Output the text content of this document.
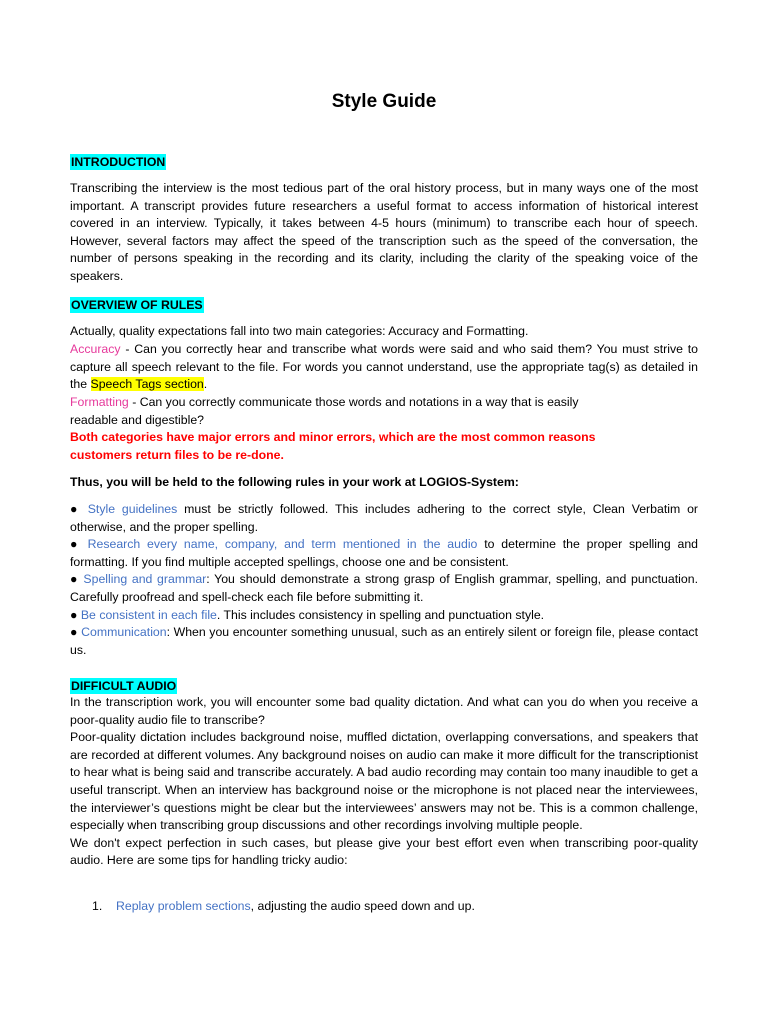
Style Guide
INTRODUCTION
Transcribing the interview is the most tedious part of the oral history process, but in many ways one of the most important. A transcript provides future researchers a useful format to access information of historical interest covered in an interview. Typically, it takes between 4-5 hours (minimum) to transcribe each hour of speech. However, several factors may affect the speed of the transcription such as the speed of the conversation, the number of persons speaking in the recording and its clarity, including the clarity of the speaking voice of the speakers.
OVERVIEW OF RULES
Actually, quality expectations fall into two main categories: Accuracy and Formatting.
Accuracy - Can you correctly hear and transcribe what words were said and who said them? You must strive to capture all speech relevant to the file. For words you cannot understand, use the appropriate tag(s) as detailed in the Speech Tags section.
Formatting - Can you correctly communicate those words and notations in a way that is easily
readable and digestible?
Both categories have major errors and minor errors, which are the most common reasons
customers return files to be re-done.
Thus, you will be held to the following rules in your work at LOGIOS-System:
● Style guidelines must be strictly followed. This includes adhering to the correct style, Clean Verbatim or otherwise, and the proper spelling.
● Research every name, company, and term mentioned in the audio to determine the proper spelling and formatting. If you find multiple accepted spellings, choose one and be consistent.
● Spelling and grammar: You should demonstrate a strong grasp of English grammar, spelling, and punctuation. Carefully proofread and spell-check each file before submitting it.
● Be consistent in each file. This includes consistency in spelling and punctuation style.
● Communication: When you encounter something unusual, such as an entirely silent or foreign file, please contact us.
DIFFICULT AUDIO
In the transcription work, you will encounter some bad quality dictation. And what can you do when you receive a poor-quality audio file to transcribe?
Poor-quality dictation includes background noise, muffled dictation, overlapping conversations, and speakers that are recorded at different volumes. Any background noises on audio can make it more difficult for the transcriptionist to hear what is being said and transcribe accurately. A bad audio recording may contain too many inaudible to get a useful transcript. When an interview has background noise or the microphone is not placed near the interviewees, the interviewer’s questions might be clear but the interviewees’ answers may not be. This is a common challenge, especially when transcribing group discussions and other recordings involving multiple people.
We don't expect perfection in such cases, but please give your best effort even when transcribing poor-quality audio. Here are some tips for handling tricky audio:
1. Replay problem sections, adjusting the audio speed down and up.
